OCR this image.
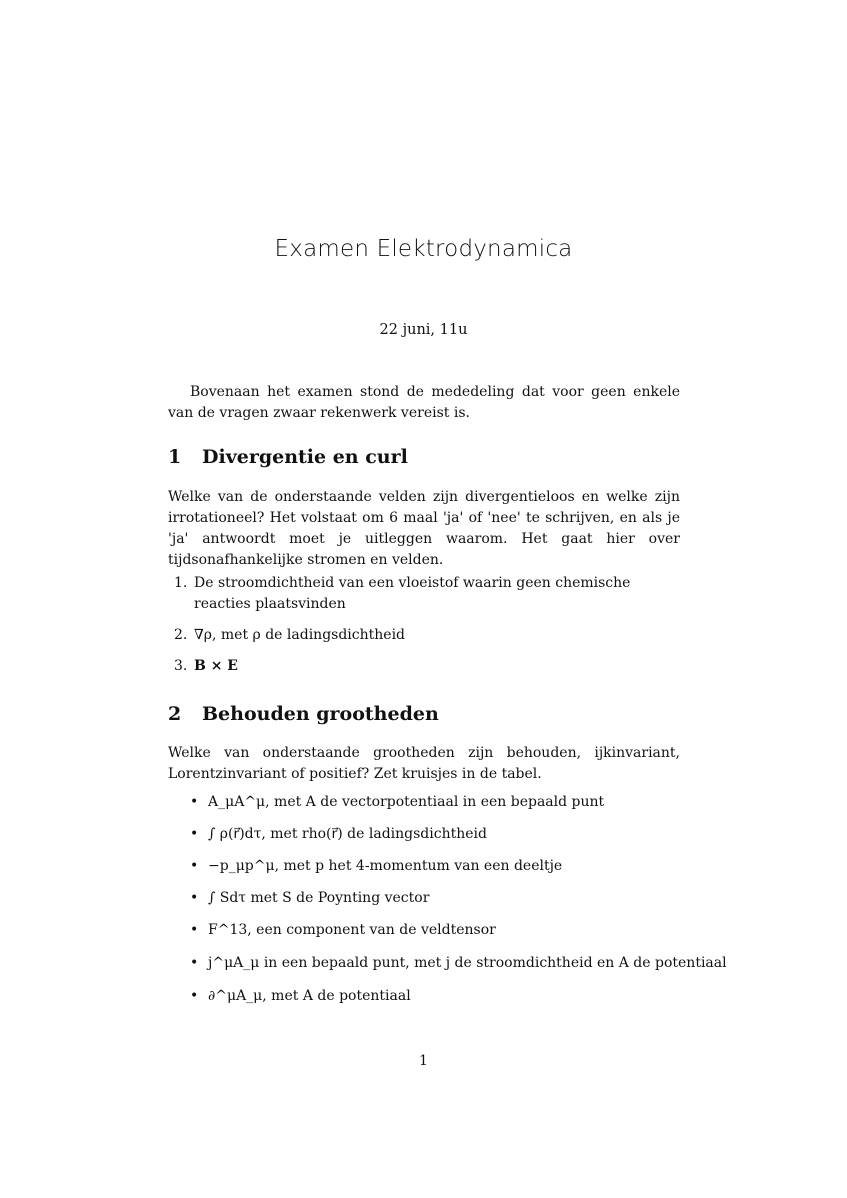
Examen Elektrodynamica
22 juni, 11u
Bovenaan het examen stond de mededeling dat voor geen enkele van de vragen zwaar rekenwerk vereist is.
1 Divergentie en curl
Welke van de onderstaande velden zijn divergentieloos en welke zijn irrotationeel? Het volstaat om 6 maal 'ja' of 'nee' te schrijven, en als je 'ja' antwoordt moet je uitleggen waarom. Het gaat hier over tijdsonafhankelijke stromen en velden.
1. De stroomdichtheid van een vloeistof waarin geen chemische reacties plaatsvinden
2. ∇ρ, met ρ de ladingsdichtheid
3. B × E
2 Behouden grootheden
Welke van onderstaande grootheden zijn behouden, ijkinvariant, Lorentzinvariant of positief? Zet kruisjes in de tabel.
• A_μA^μ, met A de vectorpotentiaal in een bepaald punt
• ∫ ρ(r⃗)dτ, met rho(r⃗) de ladingsdichtheid
• −p_μp^μ, met p het 4-momentum van een deeltje
• ∫ Sdτ met S de Poynting vector
• F^13, een component van de veldtensor
• j^μA_μ in een bepaald punt, met j de stroomdichtheid en A de potentiaal
• ∂^μA_μ, met A de potentiaal
1
